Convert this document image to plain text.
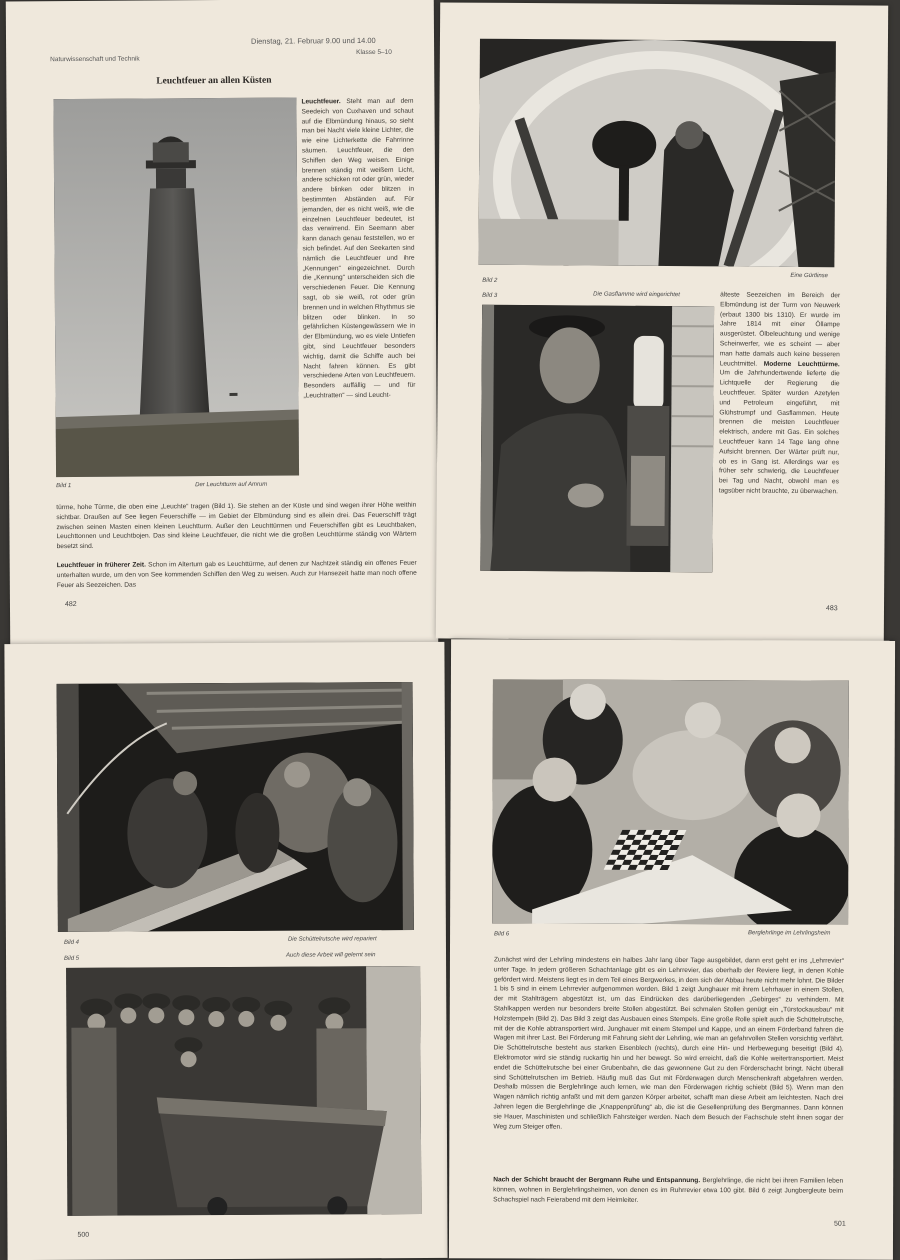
Naturwissenschaft und Technik
Dienstag, 21. Februar 9.00 und 14.00
Klasse 5–10
Leuchtfeuer an allen Küsten
Bild 1	Der Leuchtturm auf Amrum
Leuchtfeuer. Steht man auf dem Seedeich von Cuxhaven und schaut auf die Elbmündung hinaus, so sieht man bei Nacht viele kleine Lichter, die wie eine Lichterkette die Fahrrinne säumen. Leuchtfeuer, die den Schiffen den Weg weisen. Einige brennen ständig mit weißem Licht, andere schicken rot oder grün, wieder andere blinken oder blitzen in bestimmten Abständen auf. Für jemanden, der es nicht weiß, wie die einzelnen Leuchtfeuer bedeutet, ist das verwirrend. Ein Seemann aber kann danach genau feststellen, wo er sich befindet. Auf den Seekarten sind nämlich die Leuchtfeuer und ihre „Kennungen“ eingezeichnet. Durch die „Kennung“ unterscheiden sich die verschiedenen Feuer. Die Kennung sagt, ob sie weiß, rot oder grün brennen und in welchen Rhythmus sie blitzen oder blinken. In so gefährlichen Küstengewässern wie in der Elbmündung, wo es viele Untiefen gibt, sind Leuchtfeuer besonders wichtig, damit die Schiffe auch bei Nacht fahren können. Es gibt verschiedene Arten von Leuchtfeuern. Besonders auffällig — und für „Leuchtratten“ — sind Leucht-
türme, hohe Türme, die oben eine „Leuchte“ tragen (Bild 1). Sie stehen an der Küste und sind wegen ihrer Höhe weithin sichtbar. Draußen auf See liegen Feuerschiffe — im Gebiet der Elbmündung sind es allein drei. Das Feuerschiff trägt zwischen seinen Masten einen kleinen Leuchtturm. Außer den Leuchttürmen und Feuerschiffen gibt es Leuchtbaken, Leuchttonnen und Leuchtbojen. Das sind kleine Leuchtfeuer, die nicht wie die großen Leuchttürme ständig von Wärtern besetzt sind.
Leuchtfeuer in früherer Zeit. Schon im Altertum gab es Leuchttürme, auf denen zur Nachtzeit ständig ein offenes Feuer unterhalten wurde, um den von See kommenden Schiffen den Weg zu weisen. Auch zur Hansezeit hatte man noch offene Feuer als Seezeichen. Das
482
Eine Gürtlinse
Bild 2
Bild 3	Die Gasflamme wird eingerichtet	älteste Seezeichen im Bereich der Elbmündung ist der Turm von Neuwerk (erbaut 1300 bis 1310). Er wurde im Jahre 1814 mit einer Öllampe ausgerüstet. Ölbeleuchtung und wenige Scheinwerfer, wie es scheint — aber man hatte damals auch keine besseren Leuchtmittel. Moderne Leuchttürme. Um die Jahrhundertwende lieferte die Lichtquelle der Regierung die Leuchtfeuer. Später wurden Azetylen und Petroleum eingeführt, mit Glühstrumpf und Gasflammen. Heute brennen die meisten Leuchtfeuer elektrisch, andere mit Gas. Ein solches Leuchtfeuer kann 14 Tage lang ohne Aufsicht brennen. Der Wärter prüft nur, ob es in Gang ist. Allerdings war es früher sehr schwierig, die Leuchtfeuer bei Tag und Nacht, obwohl man es tagsüber nicht brauchte, zu überwachen.
483
Bild 4
Die Schüttelrutsche wird repariert
Bild 5
Auch diese Arbeit will gelernt sein
500
Bild 6	Berglehrlinge im Lehrlingsheim
Zunächst wird der Lehrling mindestens ein halbes Jahr lang über Tage ausgebildet, dann erst geht er ins „Lehrrevier“ unter Tage. In jedem größeren Schachtanlage gibt es ein Lehrrevier, das oberhalb der Reviere liegt, in denen Kohle gefördert wird. Meistens liegt es in dem Teil eines Bergwerkes, in dem sich der Abbau heute nicht mehr lohnt. Die Bilder 1 bis 5 sind in einem Lehrrevier aufgenommen worden. Bild 1 zeigt Junghauer mit ihrem Lehrhauer in einem Stollen, der mit Stahlträgern abgestützt ist, um das Eindrücken des darüberliegenden „Gebirges“ zu verhindern. Mit Stahlkappen werden nur besonders breite Stollen abgestützt. Bei schmalen Stollen genügt ein „Türstockausbau“ mit Holzstempeln (Bild 2). Das Bild 3 zeigt das Ausbauen eines Stempels. Eine große Rolle spielt auch die Schüttelrutsche, mit der die Kohle abtransportiert wird. Junghauer mit einem Stempel und Kappe, und an einem Förderband fahren die Wagen mit ihrer Last. Bei Förderung mit Fahrung sieht der Lehrling, wie man an gefahrvollen Stellen vorsichtig verfährt. Die Schüttelrutsche besteht aus starken Eisenblech (rechts), durch eine Hin- und Herbewegung beseitigt (Bild 4). Elektromotor wird sie ständig ruckartig hin und her bewegt. So wird erreicht, daß die Kohle weitertransportiert. Meist endet die Schüttelrutsche bei einer Grubenbahn, die das gewonnene Gut zu den Förderschacht bringt. Nicht überall sind Schüttelrutschen im Betrieb. Häufig muß das Gut mit Förderwagen durch Menschenkraft abgefahren werden. Deshalb müssen die Berglehrlinge auch lernen, wie man den Förderwagen richtig schiebt (Bild 5). Wenn man den Wagen nämlich richtig anfaßt und mit dem ganzen Körper arbeitet, schafft man diese Arbeit am leichtesten. Nach drei Jahren legen die Berglehrlinge die „Knappenprüfung“ ab, die ist die Gesellenprüfung des Bergmannes. Dann können sie Hauer, Maschinisten und schließlich Fahrsteiger werden. Nach dem Besuch der Fachschule steht ihnen sogar der Weg zum Steiger offen.
Nach der Schicht braucht der Bergmann Ruhe und Entspannung. Berglehrlinge, die nicht bei ihren Familien leben können, wohnen in Berglehrlingsheimen, von denen es im Ruhrrevier etwa 100 gibt. Bild 6 zeigt Jungbergleute beim Schachspiel nach Feierabend mit dem Heimleiter.
501
